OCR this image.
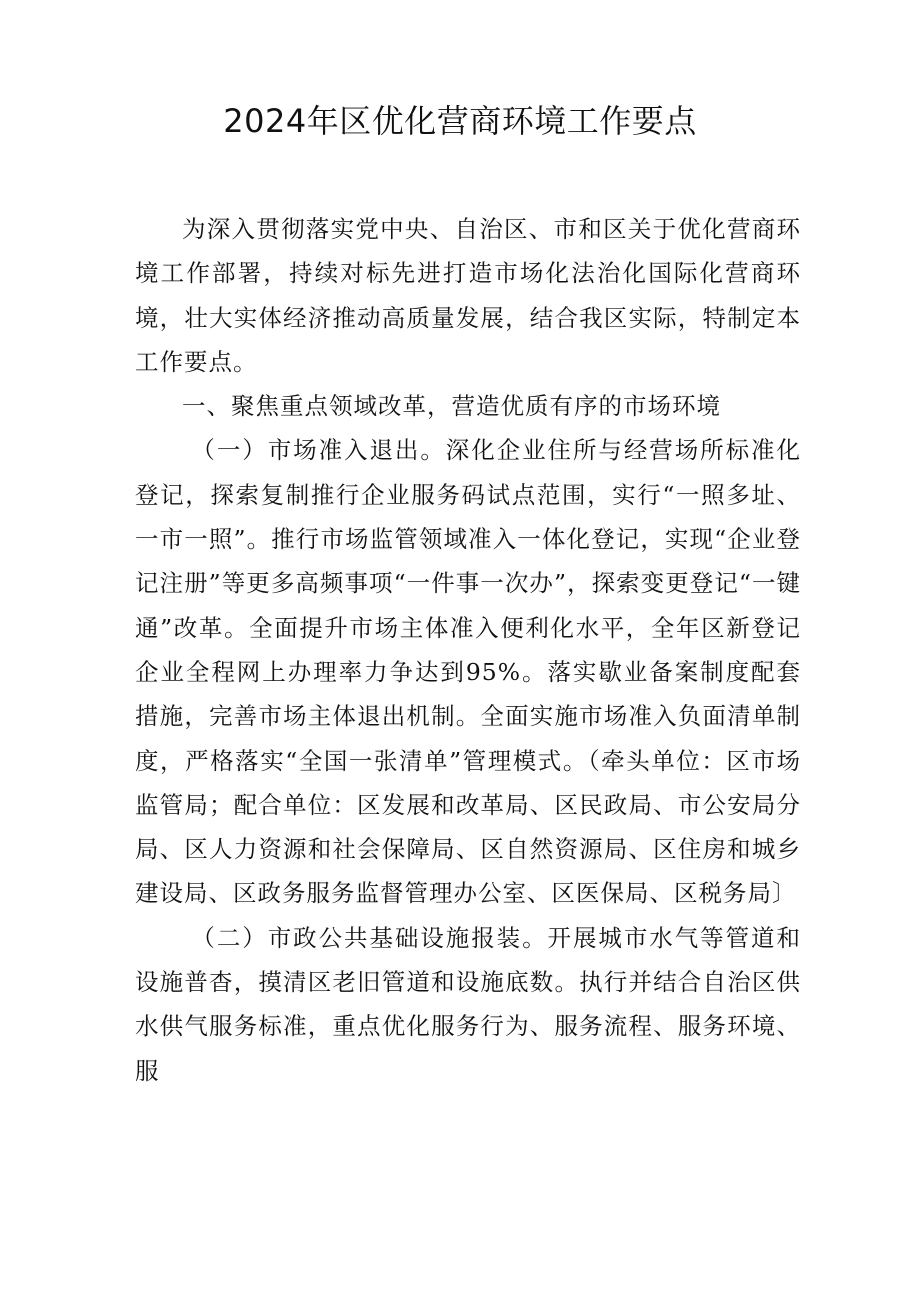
2024年区优化营商环境工作要点

为深入贯彻落实党中央、自治区、市和区关于优化营商环境工作部署，持续对标先进打造市场化法治化国际化营商环境，壮大实体经济推动高质量发展，结合我区实际，特制定本工作要点。

一、聚焦重点领域改革，营造优质有序的市场环境

（一）市场准入退出。深化企业住所与经营场所标准化登记，探索复制推行企业服务码试点范围，实行“一照多址、一市一照”。推行市场监管领域准入一体化登记，实现“企业登记注册”等更多高频事项“一件事一次办”，探索变更登记“一键通”改革。全面提升市场主体准入便利化水平，全年区新登记企业全程网上办理率力争达到95%。落实歇业备案制度配套措施，完善市场主体退出机制。全面实施市场准入负面清单制度，严格落实“全国一张清单”管理模式。（牵头单位：区市场监管局；配合单位：区发展和改革局、区民政局、市公安局分局、区人力资源和社会保障局、区自然资源局、区住房和城乡建设局、区政务服务监督管理办公室、区医保局、区税务局〕

（二）市政公共基础设施报装。开展城市水气等管道和设施普杳，摸清区老旧管道和设施底数。执行并结合自治区供水供气服务标准，重点优化服务行为、服务流程、服务环境、服
